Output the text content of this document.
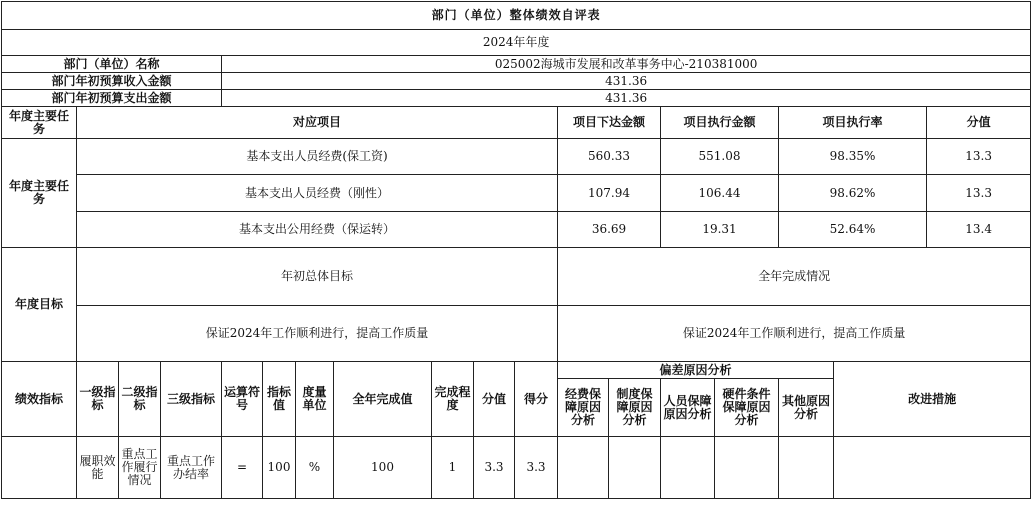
部门（单位）整体绩效自评表																		
2024年年度																		
部门（单位）名称				025002海城市发展和改革事务中心-210381000														
部门年初预算收入金额				431.36														
部门年初预算支出金额				431.36														
年度主要任务	对应项目										项目下达金额		项目执行金额		项目执行率		分值	
年度主要任务	基本支出人员经费(保工资)										560.33		551.08		98.35%		13.3	
	基本支出人员经费（刚性）										107.94		106.44		98.62%		13.3	
	基本支出公用经费（保运转）										36.69		19.31		52.64%		13.4	
年度目标	年初总体目标										全年完成情况							
	保证2024年工作顺利进行，提高工作质量										保证2024年工作顺利进行，提高工作质量							
绩效指标	一级指标	二级指标	三级指标	运算符号	指标值	度量单位	全年完成值	完成程度	分值	得分	偏差原因分析					改进措施		
											经费保障原因分析	制度保障原因分析	人员保障原因分析	硬件条件保障原因分析	其他原因分析			
	履职效能	重点工作履行情况	重点工作办结率	=	100	%	100	1	3.3	3.3								
